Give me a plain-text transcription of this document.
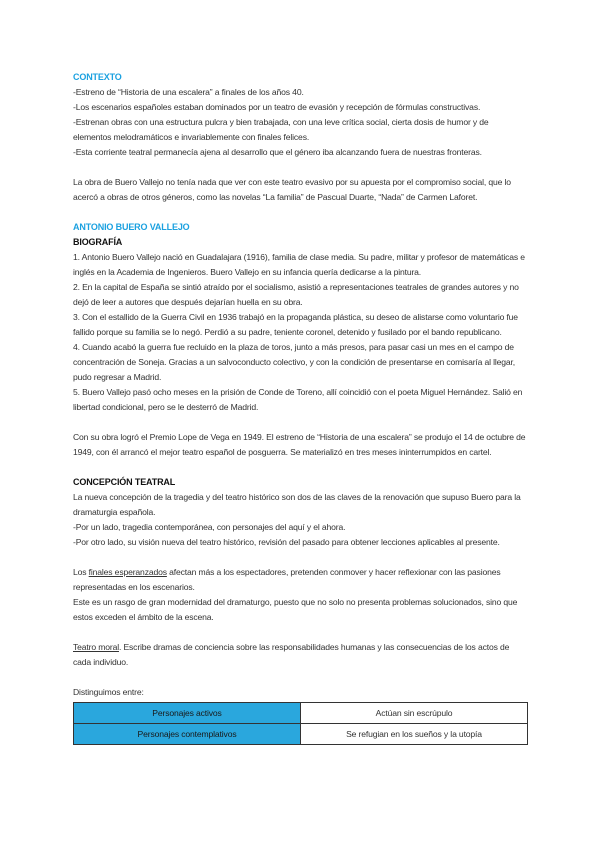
CONTEXTO

-Estreno de “Historia de una escalera” a finales de los años 40.

-Los escenarios españoles estaban dominados por un teatro de evasión y recepción de fórmulas constructivas.

-Estrenan obras con una estructura pulcra y bien trabajada, con una leve crítica social, cierta dosis de humor y de elementos melodramáticos e invariablemente con finales felices.

-Esta corriente teatral permanecía ajena al desarrollo que el género iba alcanzando fuera de nuestras fronteras.

La obra de Buero Vallejo no tenía nada que ver con este teatro evasivo por su apuesta por el compromiso social, que lo acercó a obras de otros géneros, como las novelas “La familia” de Pascual Duarte, “Nada” de Carmen Laforet.

ANTONIO BUERO VALLEJO
BIOGRAFÍA

1. Antonio Buero Vallejo nació en Guadalajara (1916), familia de clase media. Su padre, militar y profesor de matemáticas e inglés en la Academia de Ingenieros. Buero Vallejo en su infancia quería dedicarse a la pintura.

2. En la capital de España se sintió atraído por el socialismo, asistió a representaciones teatrales de grandes autores y no dejó de leer a autores que después dejarían huella en su obra.

3. Con el estallido de la Guerra Civil en 1936 trabajó en la propaganda plástica, su deseo de alistarse como voluntario fue fallido porque su familia se lo negó. Perdió a su padre, teniente coronel, detenido y fusilado por el bando republicano.

4. Cuando acabó la guerra fue recluido en la plaza de toros, junto a más presos, para pasar casi un mes en el campo de concentración de Soneja. Gracias a un salvoconducto colectivo, y con la condición de presentarse en comisaría al llegar, pudo regresar a Madrid.

5. Buero Vallejo pasó ocho meses en la prisión de Conde de Toreno, allí coincidió con el poeta Miguel Hernández. Salió en libertad condicional, pero se le desterró de Madrid.

Con su obra logró el Premio Lope de Vega en 1949. El estreno de “Historia de una escalera” se produjo el 14 de octubre de 1949, con él arrancó el mejor teatro español de posguerra. Se materializó en tres meses ininterrumpidos en cartel.

CONCEPCIÓN TEATRAL

La nueva concepción de la tragedia y del teatro histórico son dos de las claves de la renovación que supuso Buero para la dramaturgia española.

-Por un lado, tragedia contemporánea, con personajes del aquí y el ahora.

-Por otro lado, su visión nueva del teatro histórico, revisión del pasado para obtener lecciones aplicables al presente.

Los finales esperanzados afectan más a los espectadores, pretenden conmover y hacer reflexionar con las pasiones representadas en los escenarios.

Este es un rasgo de gran modernidad del dramaturgo, puesto que no solo no presenta problemas solucionados, sino que estos exceden el ámbito de la escena.

Teatro moral. Escribe dramas de conciencia sobre las responsabilidades humanas y las consecuencias de los actos de cada individuo.

Distinguimos entre:

Personajes activos	Actúan sin escrúpulo
Personajes contemplativos	Se refugian en los sueños y la utopía
